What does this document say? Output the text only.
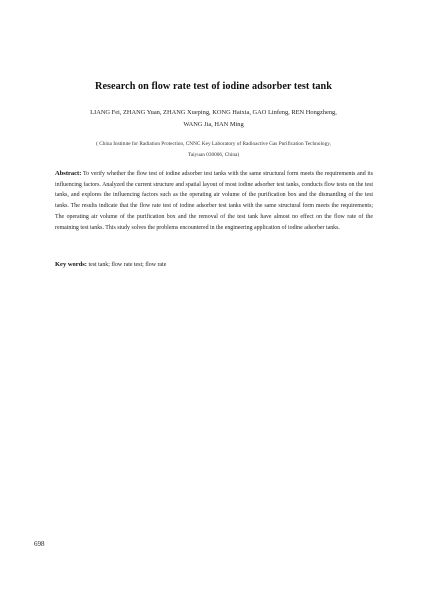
Research on flow rate test of iodine adsorber test tank
LIANG Fei, ZHANG Yuan, ZHANG Xueping, KONG Haixia, GAO Linfeng, REN Hongzheng,
WANG Jia, HAN Ming
( China Institute for Radiation Protection, CNNC Key Laboratory of Radioactive Gas Purification Technology,
Taiyuan 030006, China)
Abstract: To verify whether the flow test of iodine adsorber test tanks with the same structural form meets the requirements and its influencing factors. Analyzed the current structure and spatial layout of most iodine adsorber test tanks, conducts flow tests on the test tanks, and explores the influencing factors such as the operating air volume of the purification box and the dismantling of the test tanks. The results indicate that the flow rate test of iodine adsorber test tanks with the same structural form meets the requirements; The operating air volume of the purification box and the removal of the test tank have almost no effect on the flow rate of the remaining test tanks. This study solves the problems encountered in the engineering application of iodine adsorber tanks.
Key words: test tank; flow rate test; flow rate
698
